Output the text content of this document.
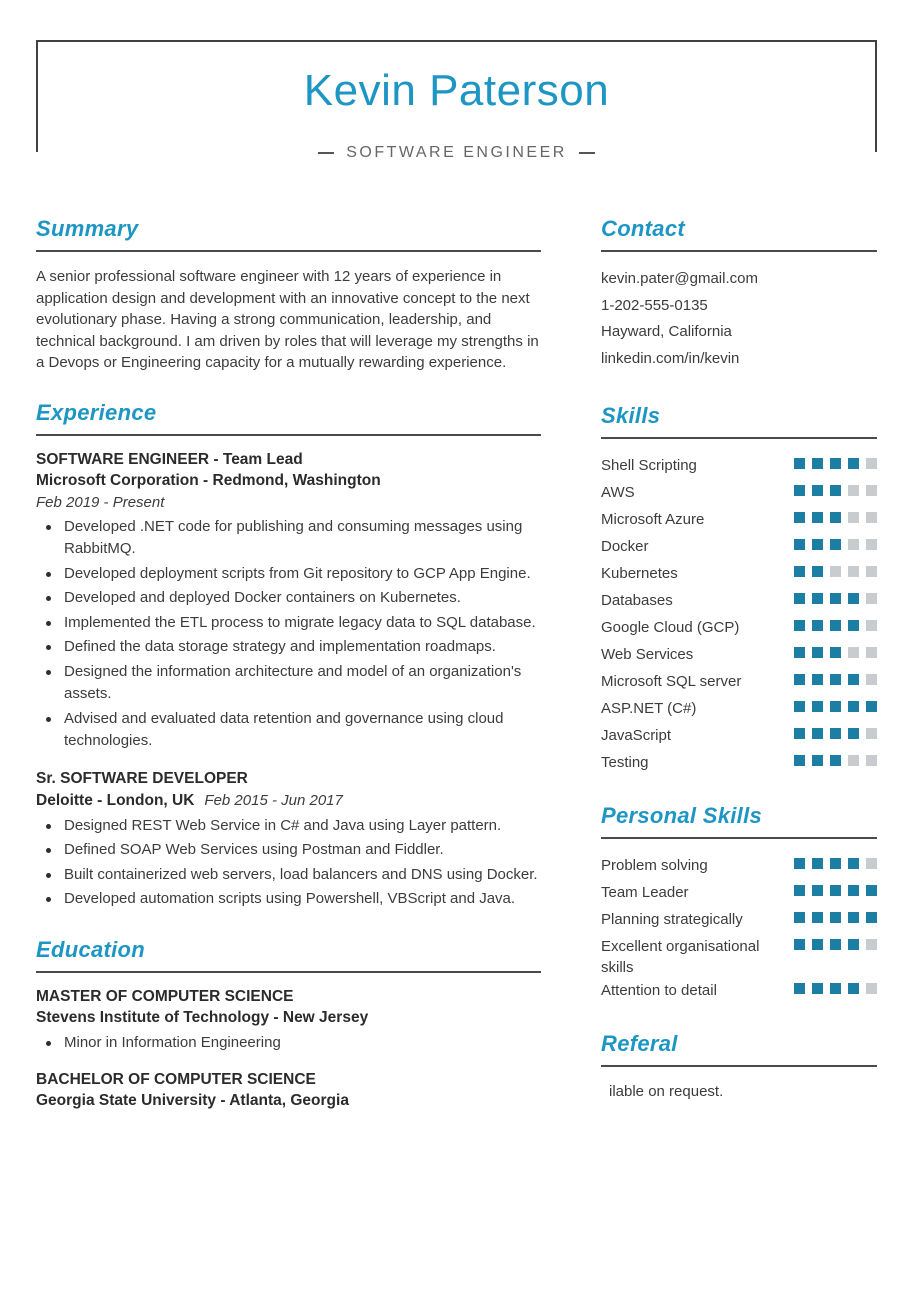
Kevin Paterson
SOFTWARE ENGINEER
Summary

A senior professional software engineer with 12 years of experience in application design and development with an innovative concept to the next evolutionary phase. Having a strong communication, leadership, and technical background. I am driven by roles that will leverage my strengths in a Devops or Engineering capacity for a mutually rewarding experience.

Experience
SOFTWARE ENGINEER - Team Lead
Microsoft Corporation - Redmond, Washington
Feb 2019 - Present
Developed .NET code for publishing and consuming messages using RabbitMQ.
Developed deployment scripts from Git repository to GCP App Engine.
Developed and deployed Docker containers on Kubernetes.
Implemented the ETL process to migrate legacy data to SQL database.
Defined the data storage strategy and implementation roadmaps.
Designed the information architecture and model of an organization's assets.
Advised and evaluated data retention and governance using cloud technologies.
Sr. SOFTWARE DEVELOPER
Deloitte - London, UK Feb 2015 - Jun 2017
Designed REST Web Service in C# and Java using Layer pattern.
Defined SOAP Web Services using Postman and Fiddler.
Built containerized web servers, load balancers and DNS using Docker.
Developed automation scripts using Powershell, VBScript and Java.
Education
MASTER OF COMPUTER SCIENCE
Stevens Institute of Technology - New Jersey
Minor in Information Engineering
BACHELOR OF COMPUTER SCIENCE
Georgia State University - Atlanta, Georgia
Contact
kevin.pater@gmail.com
1-202-555-0135
Hayward, California
linkedin.com/in/kevin
Skills
Shell Scripting
AWS
Microsoft Azure
Docker
Kubernetes
Databases
Google Cloud (GCP)
Web Services
Microsoft SQL server
ASP.NET (C#)
JavaScript
Testing
Personal Skills
Problem solving
Team Leader
Planning strategically
Excellent organisational skills
Attention to detail
Referal

ilable on request.
